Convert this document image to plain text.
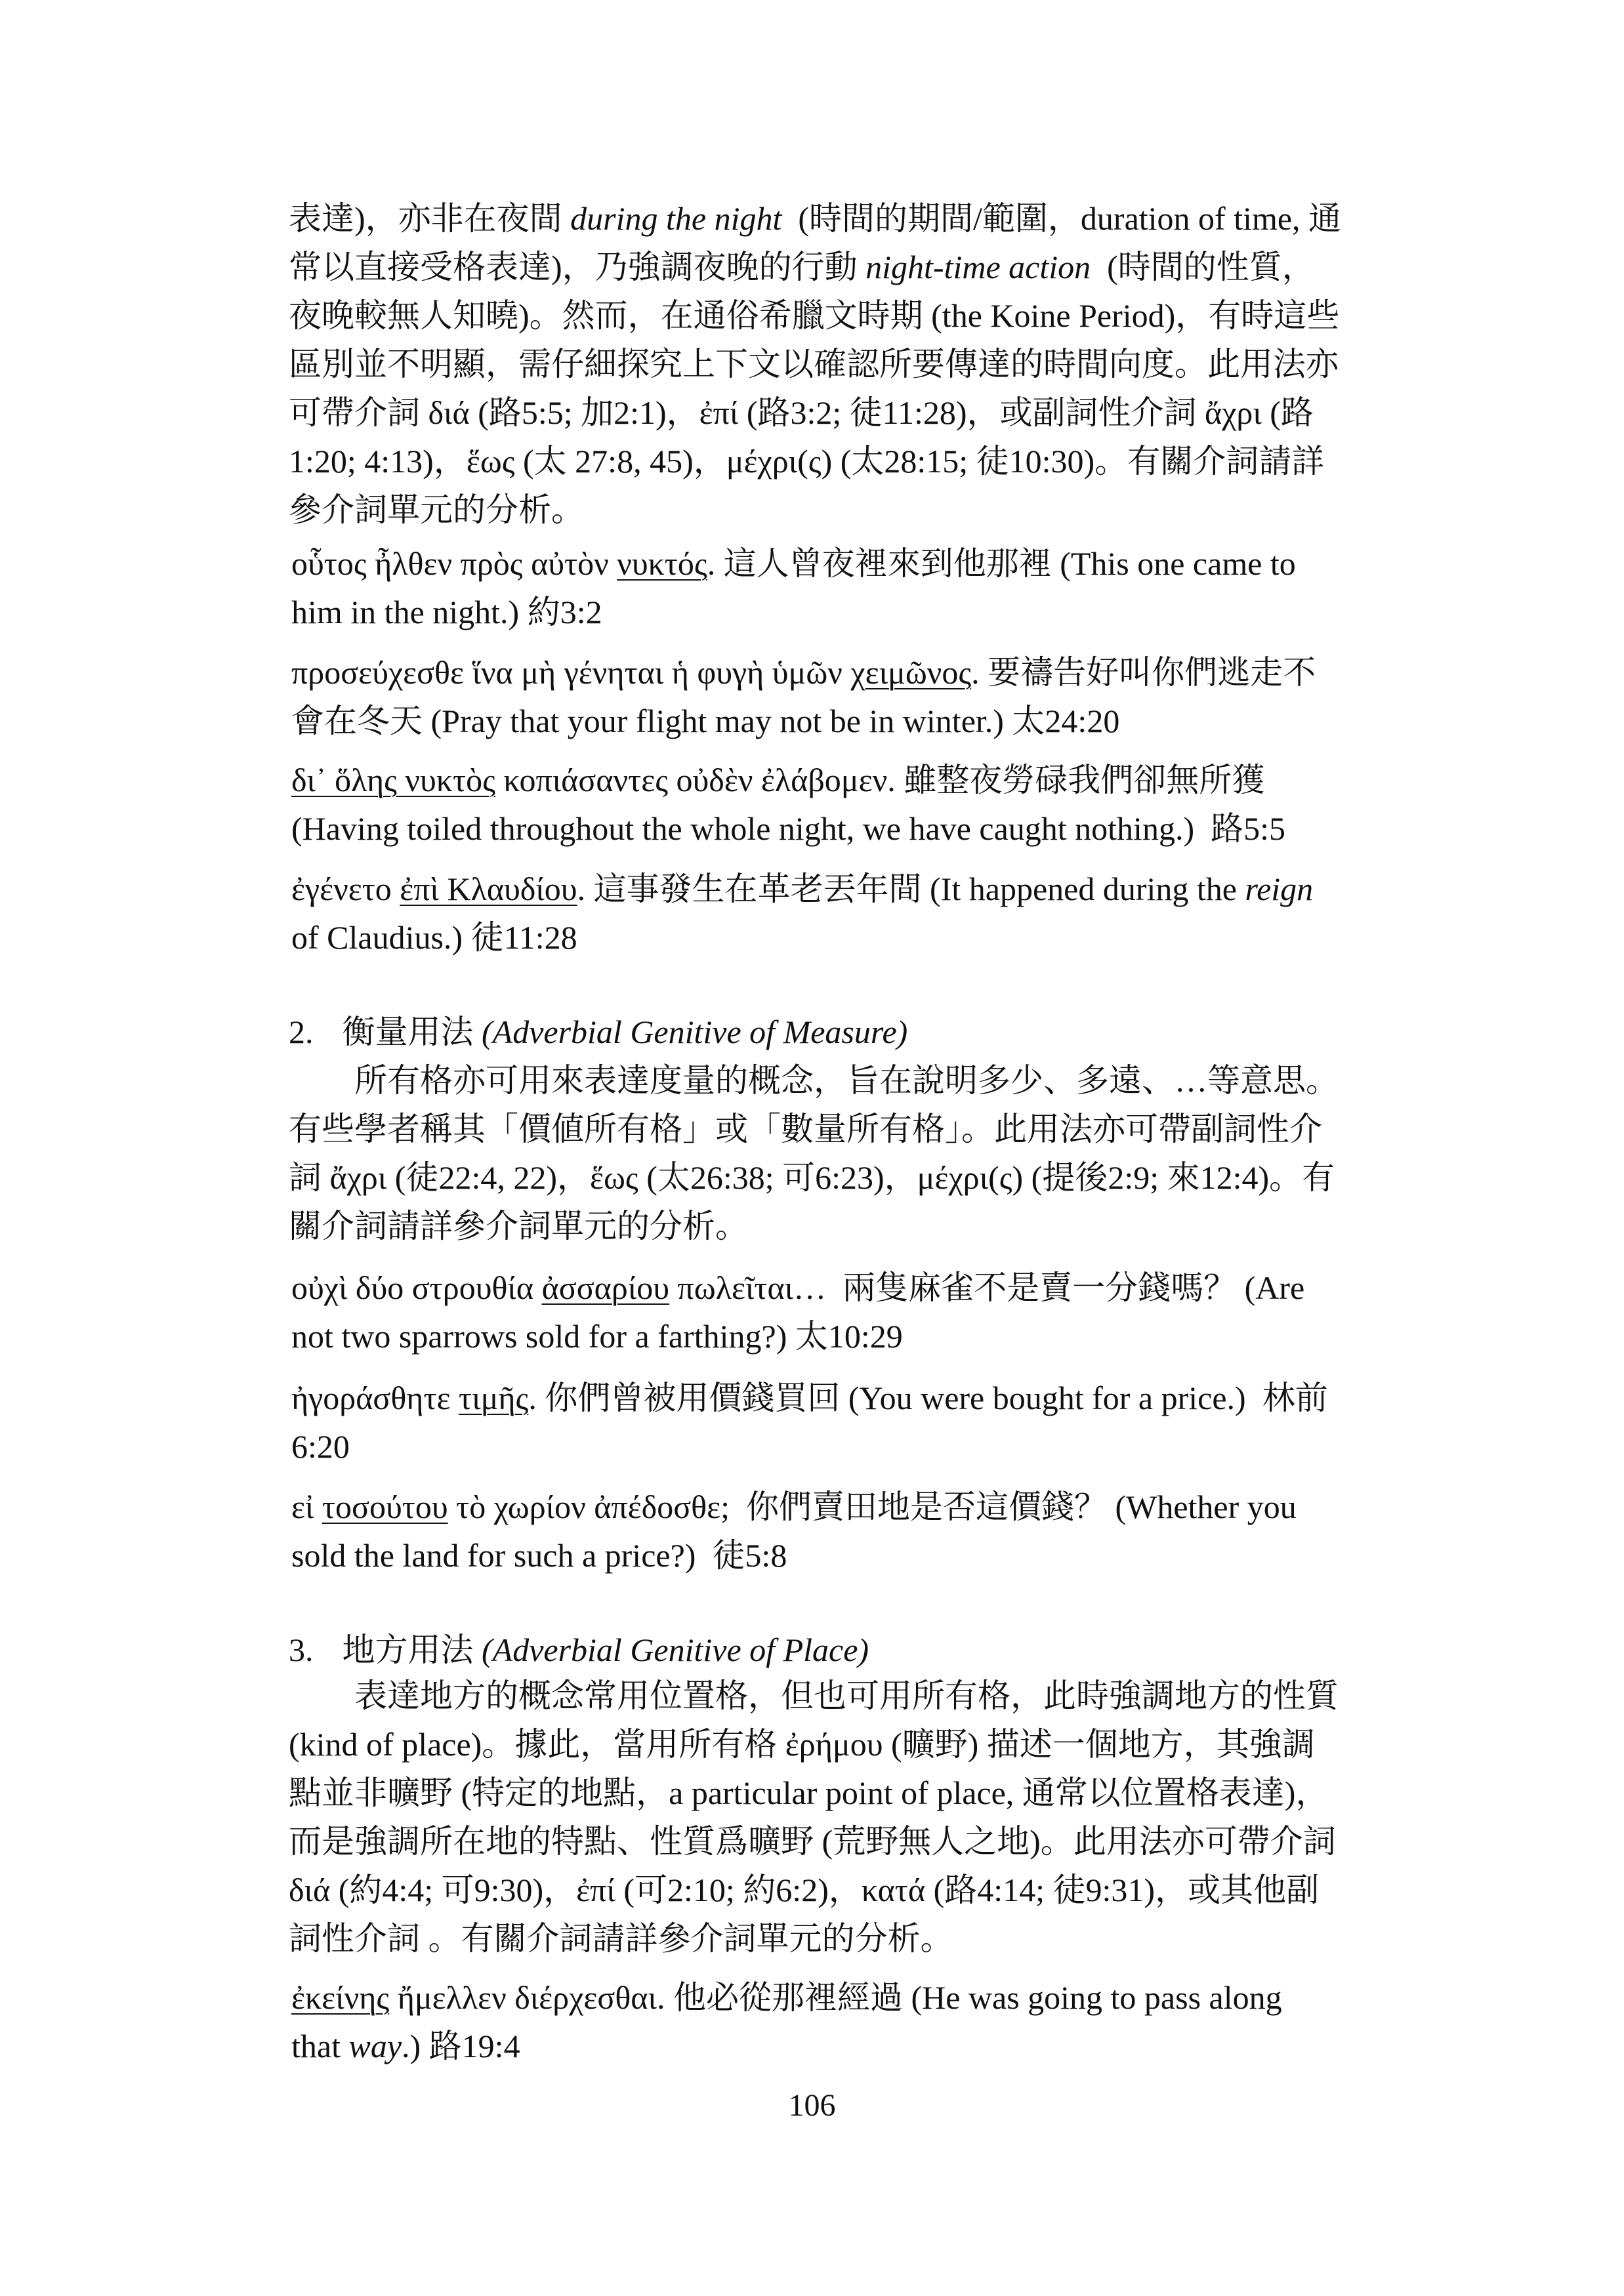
表達)，亦非在夜間 during the night  (時間的期間/範圍，duration of time, 通
常以直接受格表達)，乃強調夜晚的行動 night-time action  (時間的性質，
夜晚較無人知曉)。然而，在通俗希臘文時期 (the Koine Period)，有時這些
區別並不明顯，需仔細探究上下文以確認所要傳達的時間向度。此用法亦
可帶介詞 διά (路5:5; 加2:1)，ἐπί (路3:2; 徒11:28)，或副詞性介詞 ἄχρι (路
1:20; 4:13)，ἕως (太 27:8, 45)，μέχρι(ς) (太28:15; 徒10:30)。有關介詞請詳
參介詞單元的分析。
οὗτος ἦλθεν πρὸς αὐτὸν νυκτός. 這人曾夜裡來到他那裡 (This one came to
him in the night.) 約3:2
προσεύχεσθε ἵνα μὴ γένηται ἡ φυγὴ ὑμῶν χειμῶνος. 要禱告好叫你們逃走不
會在冬天 (Pray that your flight may not be in winter.) 太24:20
δι᾽ ὅλης νυκτὸς κοπιάσαντες οὐδὲν ἐλάβομεν. 雖整夜勞碌我們卻無所獲
(Having toiled throughout the whole night, we have caught nothing.)  路5:5
ἐγένετο ἐπὶ Κλαυδίου. 這事發生在革老丟年間 (It happened during the reign
of Claudius.) 徒11:28
2. 衡量用法 (Adverbial Genitive of Measure)
所有格亦可用來表達度量的概念，旨在說明多少、多遠、…等意思。
有些學者稱其「價値所有格」或「數量所有格」。此用法亦可帶副詞性介
詞 ἄχρι (徒22:4, 22)，ἕως (太26:38; 可6:23)，μέχρι(ς) (提後2:9; 來12:4)。有
關介詞請詳參介詞單元的分析。
οὐχὶ δύο στρουθία ἀσσαρίου πωλεῖται…  兩隻麻雀不是賣一分錢嗎？ (Are
not two sparrows sold for a farthing?) 太10:29
ἠγοράσθητε τιμῆς. 你們曾被用價錢買回 (You were bought for a price.)  林前
6:20
εἰ τοσούτου τὸ χωρίον ἀπέδοσθε;  你們賣田地是否這價錢？ (Whether you
sold the land for such a price?)  徒5:8
3. 地方用法 (Adverbial Genitive of Place)
表達地方的概念常用位置格，但也可用所有格，此時強調地方的性質
(kind of place)。據此，當用所有格 ἐρήμου (曠野) 描述一個地方，其強調
點並非曠野 (特定的地點，a particular point of place, 通常以位置格表達)，
而是強調所在地的特點、性質爲曠野 (荒野無人之地)。此用法亦可帶介詞
διά (約4:4; 可9:30)，ἐπί (可2:10; 約6:2)，κατά (路4:14; 徒9:31)，或其他副
詞性介詞 。有關介詞請詳參介詞單元的分析。
ἐκείνης ἤμελλεν διέρχεσθαι. 他必從那裡經過 (He was going to pass along
that way.) 路19:4
106
